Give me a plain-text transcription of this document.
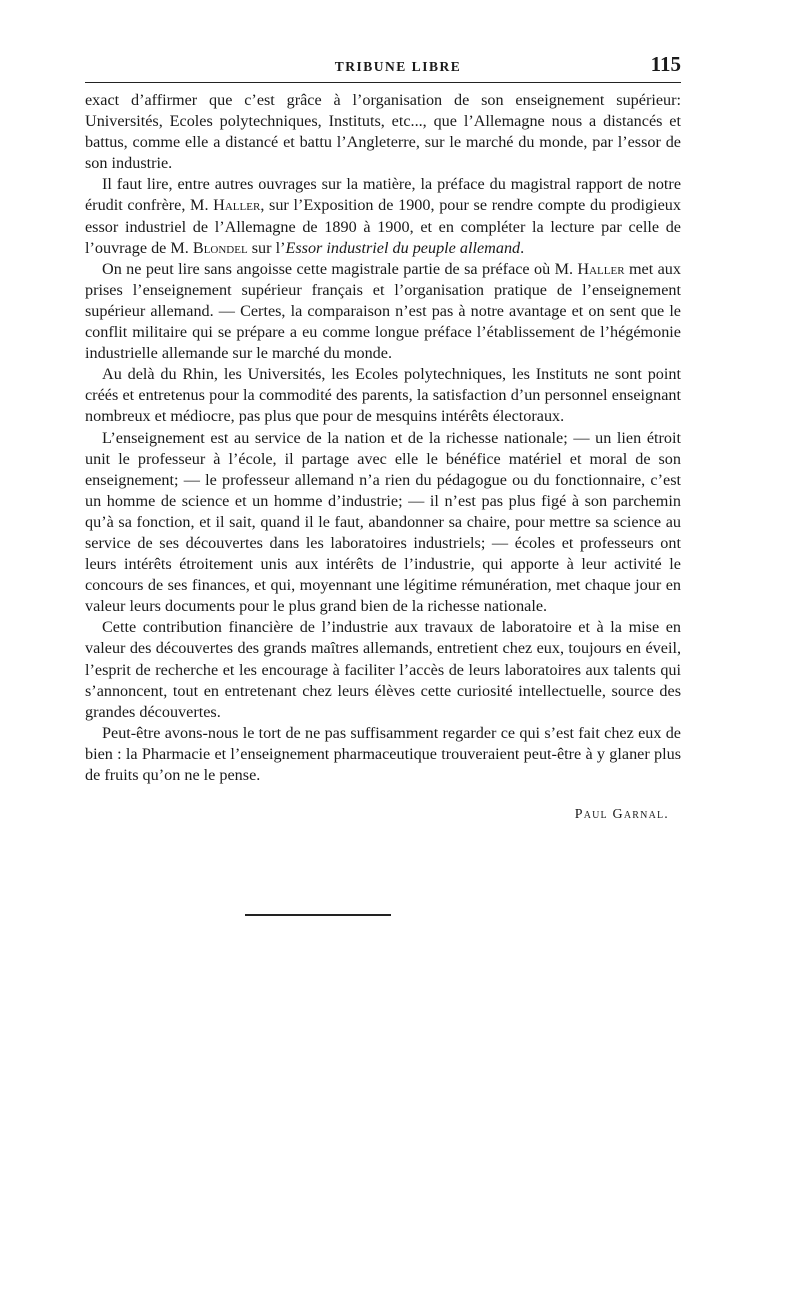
TRIBUNE LIBRE	115

exact d’affirmer que c’est grâce à l’organisation de son enseignement supérieur: Universités, Ecoles polytechniques, Instituts, etc..., que l’Allemagne nous a distancés et battus, comme elle a distancé et battu l’Angleterre, sur le marché du monde, par l’essor de son industrie.

Il faut lire, entre autres ouvrages sur la matière, la préface du magistral rapport de notre érudit confrère, M. Haller, sur l’Exposition de 1900, pour se rendre compte du prodigieux essor industriel de l’Allemagne de 1890 à 1900, et en compléter la lecture par celle de l’ouvrage de M. Blondel sur l’Essor industriel du peuple allemand.

On ne peut lire sans angoisse cette magistrale partie de sa préface où M. Haller met aux prises l’enseignement supérieur français et l’organisation pratique de l’enseignement supérieur allemand. — Certes, la comparaison n’est pas à notre avantage et on sent que le conflit militaire qui se prépare a eu comme longue préface l’établissement de l’hégémonie industrielle allemande sur le marché du monde.

Au delà du Rhin, les Universités, les Ecoles polytechniques, les Instituts ne sont point créés et entretenus pour la commodité des parents, la satisfaction d’un personnel enseignant nombreux et médiocre, pas plus que pour de mesquins intérêts électoraux.

L’enseignement est au service de la nation et de la richesse nationale; — un lien étroit unit le professeur à l’école, il partage avec elle le bénéfice matériel et moral de son enseignement; — le professeur allemand n’a rien du pédagogue ou du fonctionnaire, c’est un homme de science et un homme d’industrie; — il n’est pas plus figé à son parchemin qu’à sa fonction, et il sait, quand il le faut, abandonner sa chaire, pour mettre sa science au service de ses découvertes dans les laboratoires industriels; — écoles et professeurs ont leurs intérêts étroitement unis aux intérêts de l’industrie, qui apporte à leur activité le concours de ses finances, et qui, moyennant une légitime rémunération, met chaque jour en valeur leurs documents pour le plus grand bien de la richesse nationale.

Cette contribution financière de l’industrie aux travaux de laboratoire et à la mise en valeur des découvertes des grands maîtres allemands, entretient chez eux, toujours en éveil, l’esprit de recherche et les encourage à faciliter l’accès de leurs laboratoires aux talents qui s’annoncent, tout en entretenant chez leurs élèves cette curiosité intellectuelle, source des grandes découvertes.

Peut-être avons-nous le tort de ne pas suffisamment regarder ce qui s’est fait chez eux de bien : la Pharmacie et l’enseignement pharmaceutique trouveraient peut-être à y glaner plus de fruits qu’on ne le pense.

Paul Garnal.
